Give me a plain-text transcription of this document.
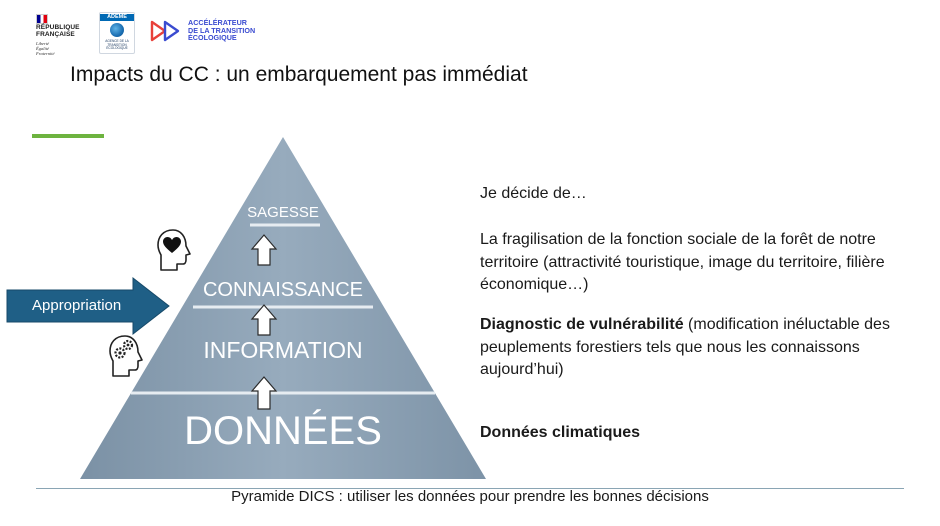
RÉPUBLIQUE
FRANÇAISE
Liberté
Égalité
Fraternité
ADEME
AGENCE DE LA
TRANSITION
ÉCOLOGIQUE
ACCÉLÉRATEUR
DE LA TRANSITION
ÉCOLOGIQUE
Impacts du CC : un embarquement pas immédiat
SAGESSE
CONNAISSANCE
INFORMATION
DONNÉES
Appropriation
Je décide de…
La fragilisation de la fonction sociale de la forêt de notre territoire (attractivité touristique, image du territoire, filière économique…)
Diagnostic de vulnérabilité (modification inéluctable des peuplements forestiers tels que nous les connaissons aujourd’hui)
Données climatiques
Pyramide DICS : utiliser les données pour prendre les bonnes décisions
